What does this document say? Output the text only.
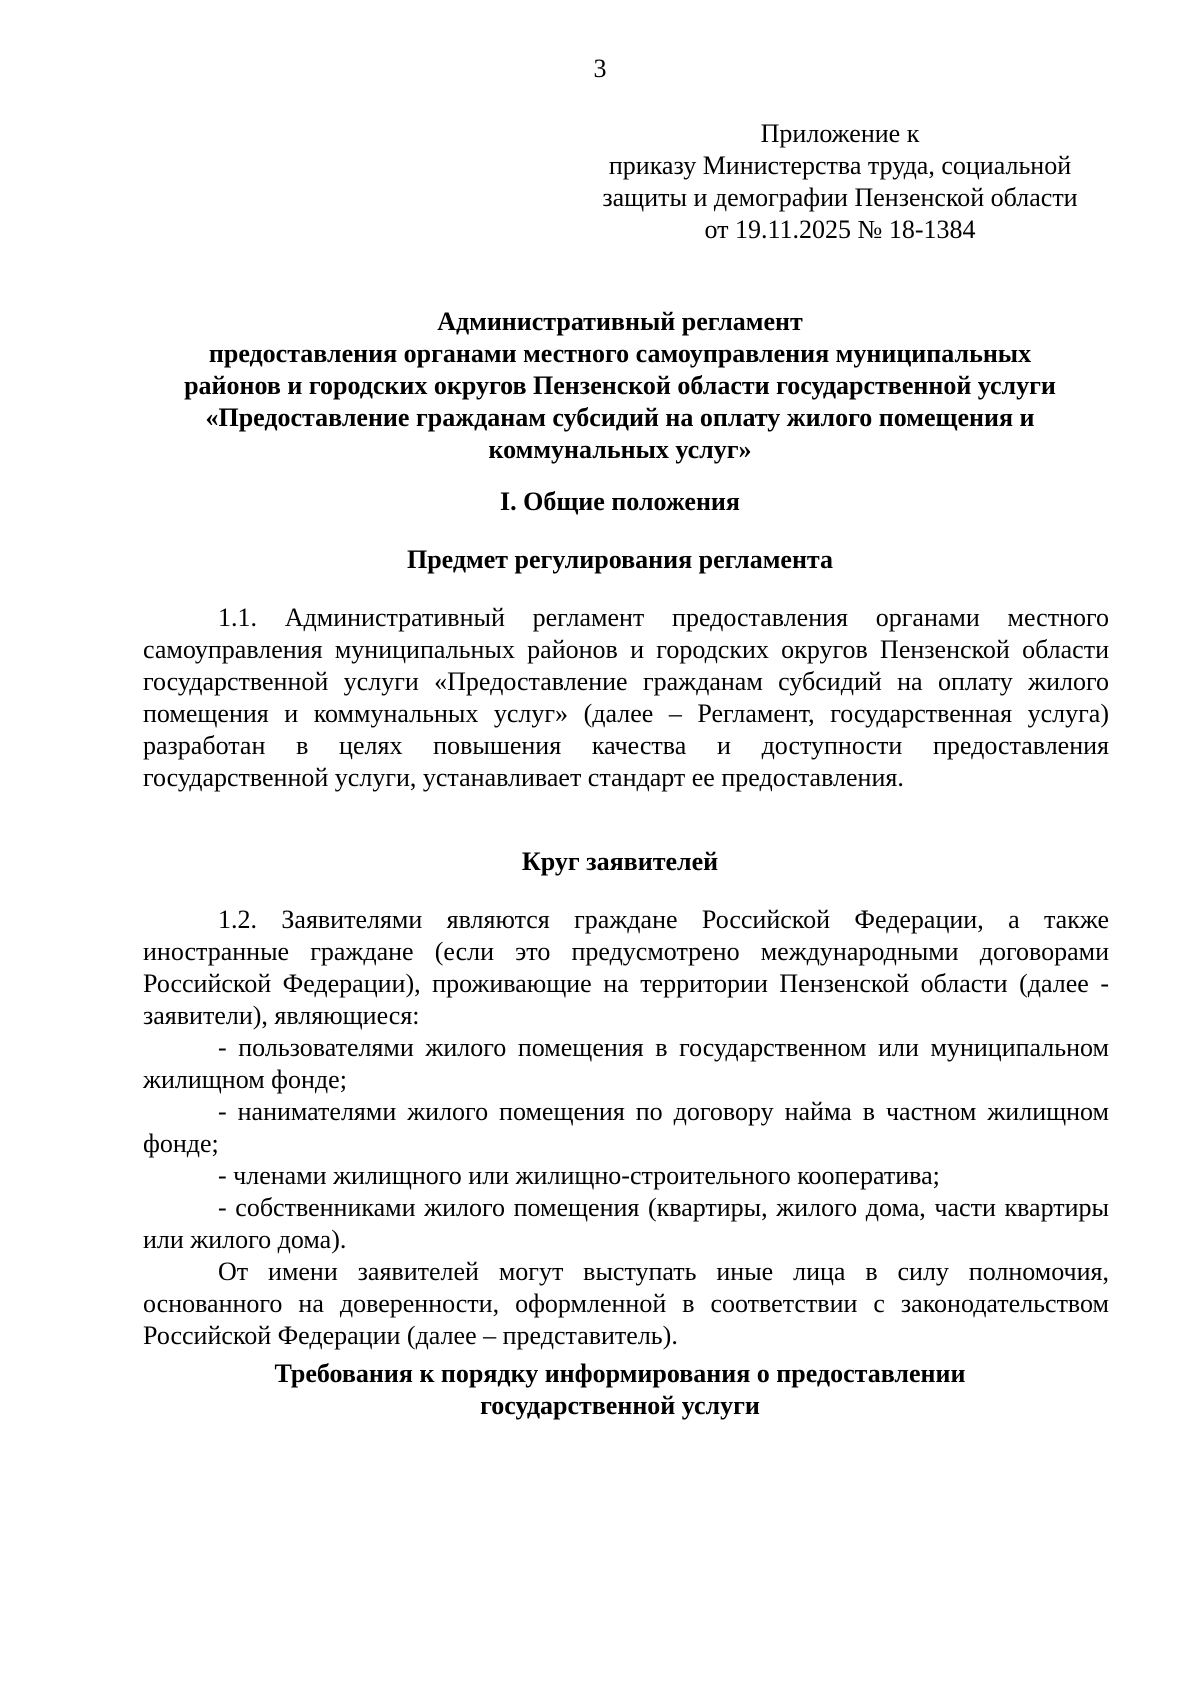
3
Приложение к
приказу Министерства труда, социальной
защиты и демографии Пензенской области
от 19.11.2025 № 18-1384
Административный регламент
предоставления органами местного самоуправления муниципальных
районов и городских округов Пензенской области государственной услуги
«Предоставление гражданам субсидий на оплату жилого помещения и
коммунальных услуг»
I. Общие положения
Предмет регулирования регламента

1.1. Административный регламент предоставления органами местного самоуправления муниципальных районов и городских округов Пензенской области государственной услуги «Предоставление гражданам субсидий на оплату жилого помещения и коммунальных услуг» (далее – Регламент, государственная услуга) разработан в целях повышения качества и доступности предоставления государственной услуги, устанавливает стандарт ее предоставления.

Круг заявителей

1.2. Заявителями являются граждане Российской Федерации, а также иностранные граждане (если это предусмотрено международными договорами Российской Федерации), проживающие на территории Пензенской области (далее - заявители), являющиеся:

- пользователями жилого помещения в государственном или муниципальном жилищном фонде;

- нанимателями жилого помещения по договору найма в частном жилищном фонде;

- членами жилищного или жилищно-строительного кооператива;

- собственниками жилого помещения (квартиры, жилого дома, части квартиры или жилого дома).

От имени заявителей могут выступать иные лица в силу полномочия, основанного на доверенности, оформленной в соответствии с законодательством Российской Федерации (далее – представитель).

Требования к порядку информирования о предоставлении
государственной услуги
